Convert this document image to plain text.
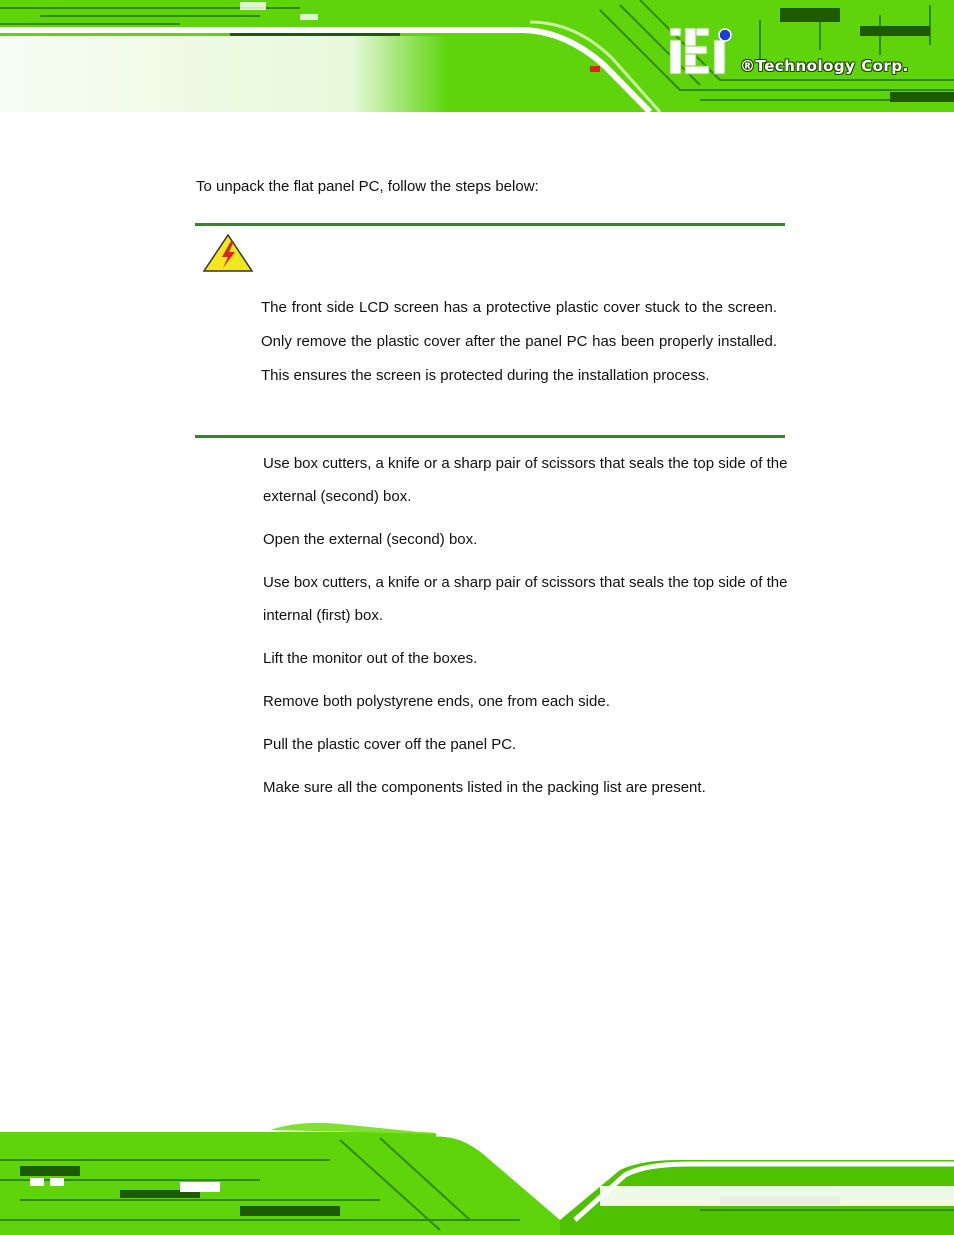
®Technology Corp.

To unpack the flat panel PC, follow the steps below:

The front side LCD screen has a protective plastic cover stuck to the screen. Only remove the plastic cover after the panel PC has been properly installed. This ensures the screen is protected during the installation process.

Use box cutters, a knife or a sharp pair of scissors that seals the top side of the external (second) box.
Open the external (second) box.
Use box cutters, a knife or a sharp pair of scissors that seals the top side of the internal (first) box.
Lift the monitor out of the boxes.
Remove both polystyrene ends, one from each side.
Pull the plastic cover off the panel PC.
Make sure all the components listed in the packing list are present.
